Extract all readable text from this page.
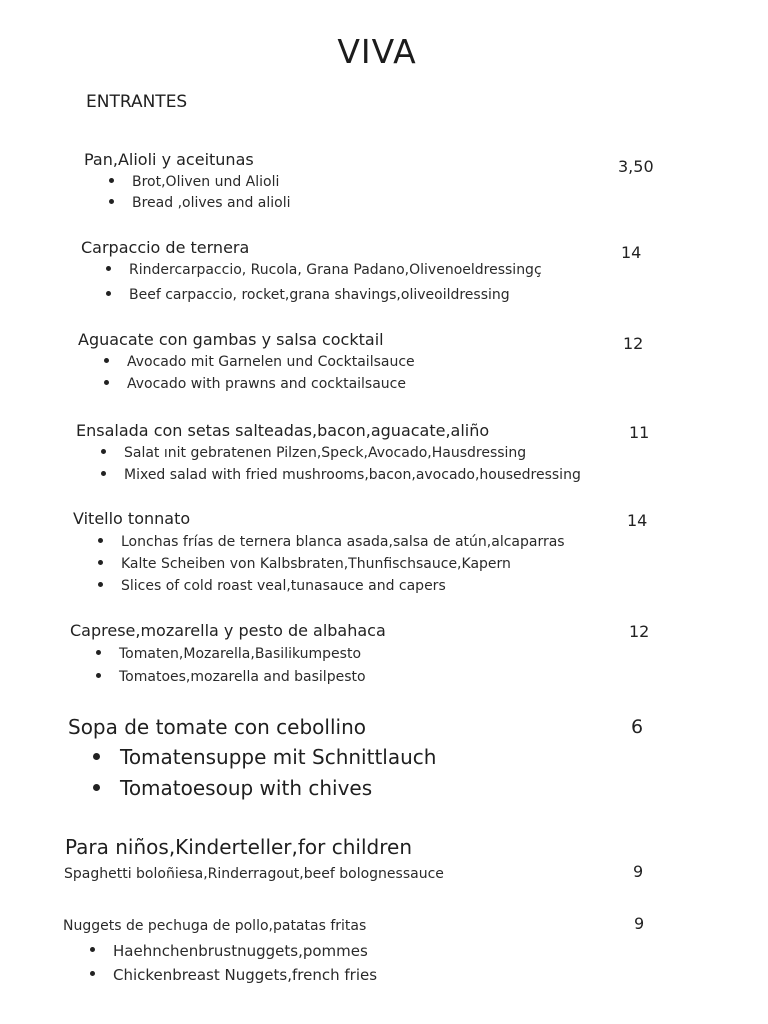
VIVA
ENTRANTES
Pan,Alioli y aceitunas	3,50
Brot,Oliven und Alioli
Bread ,olives and alioli
Carpaccio de ternera	14
Rindercarpaccio, Rucola, Grana Padano,Olivenoeldressingç
Beef carpaccio, rocket,grana shavings,oliveoildressing
Aguacate con gambas y salsa cocktail	12
Avocado mit Garnelen und Cocktailsauce
Avocado with prawns and cocktailsauce
Ensalada con setas salteadas,bacon,aguacate,aliño	11
Salat ınit gebratenen Pilzen,Speck,Avocado,Hausdressing
Mixed salad with fried mushrooms,bacon,avocado,housedressing
Vitello tonnato	14
Lonchas frías de ternera blanca asada,salsa de atún,alcaparras
Kalte Scheiben von Kalbsbraten,Thunfischsauce,Kapern
Slices of cold roast veal,tunasauce and capers
Caprese,mozarella y pesto de albahaca	12
Tomaten,Mozarella,Basilikumpesto
Tomatoes,mozarella and basilpesto
Sopa de tomate con cebollino	6
Tomatensuppe mit Schnittlauch
Tomatoesoup with chives
Para niños,Kinderteller,for children
Spaghetti boloñiesa,Rinderragout,beef bolognessauce	9
Nuggets de pechuga de pollo,patatas fritas	9
Haehnchenbrustnuggets,pommes
Chickenbreast Nuggets,french fries
